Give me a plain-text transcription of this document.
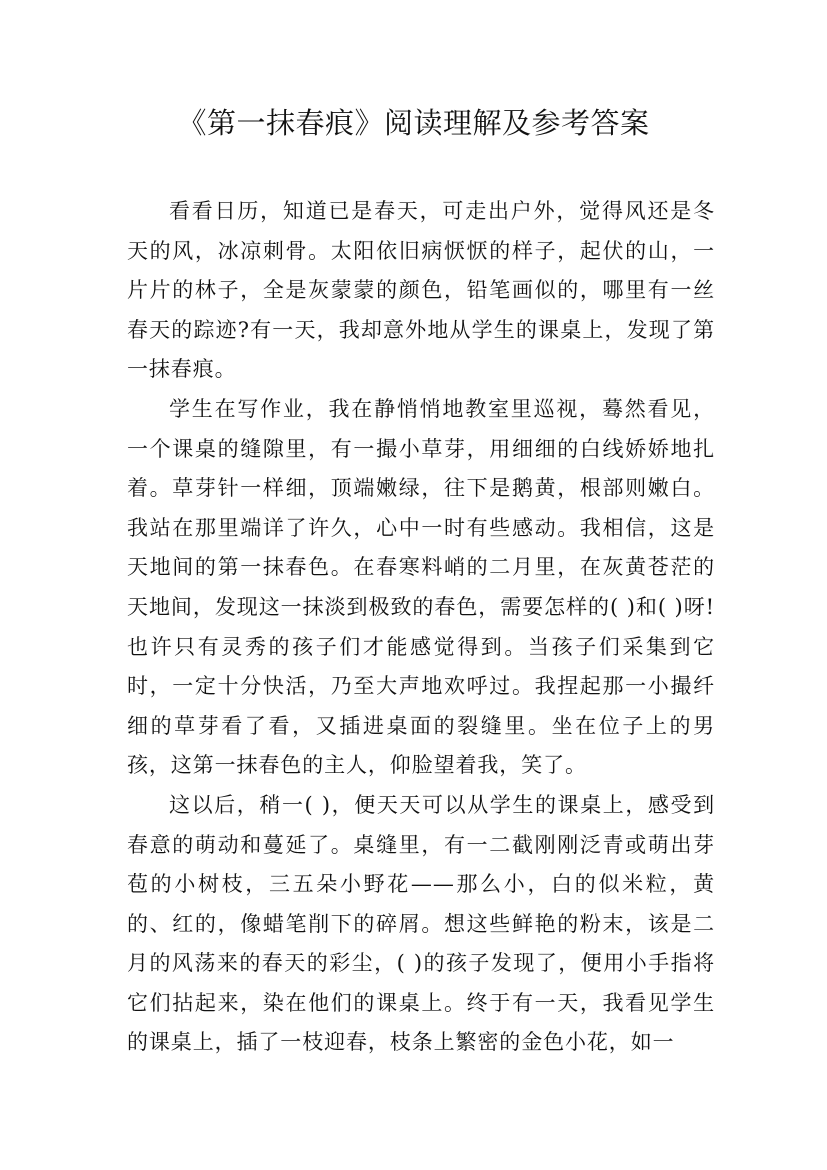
《第一抹春痕》阅读理解及参考答案

看看日历，知道已是春天，可走出户外，觉得风还是冬天的风，冰凉刺骨。太阳依旧病恹恹的样子，起伏的山，一片片的林子，全是灰蒙蒙的颜色，铅笔画似的，哪里有一丝春天的踪迹?有一天，我却意外地从学生的课桌上，发现了第一抹春痕。

学生在写作业，我在静悄悄地教室里巡视，蓦然看见，一个课桌的缝隙里，有一撮小草芽，用细细的白线娇娇地扎着。草芽针一样细，顶端嫩绿，往下是鹅黄，根部则嫩白。我站在那里端详了许久，心中一时有些感动。我相信，这是天地间的第一抹春色。在春寒料峭的二月里，在灰黄苍茫的天地间，发现这一抹淡到极致的春色，需要怎样的( )和( )呀!也许只有灵秀的孩子们才能感觉得到。当孩子们采集到它时，一定十分快活，乃至大声地欢呼过。我捏起那一小撮纤细的草芽看了看，又插进桌面的裂缝里。坐在位子上的男孩，这第一抹春色的主人，仰脸望着我，笑了。

这以后，稍一( )，便天天可以从学生的课桌上，感受到春意的萌动和蔓延了。桌缝里，有一二截刚刚泛青或萌出芽苞的小树枝，三五朵小野花——那么小，白的似米粒，黄的、红的，像蜡笔削下的碎屑。想这些鲜艳的粉末，该是二月的风荡来的春天的彩尘，( )的孩子发现了，便用小手指将它们拈起来，染在他们的课桌上。终于有一天，我看见学生的课桌上，插了一枝迎春，枝条上繁密的金色小花，如一
